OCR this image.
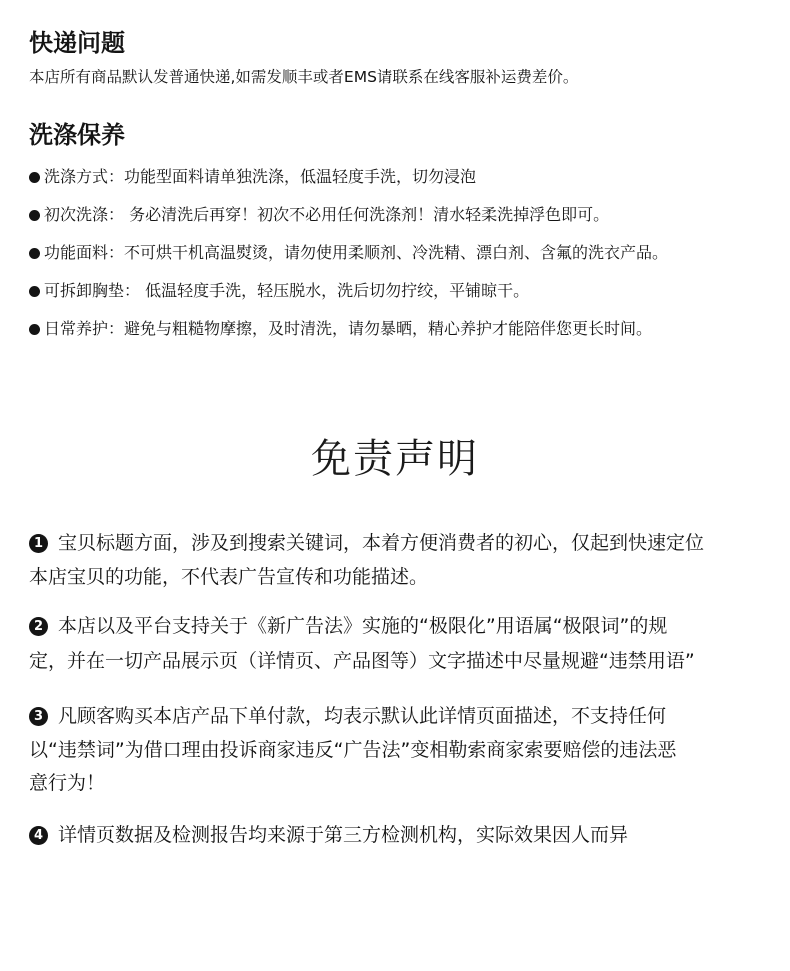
快递问题

本店所有商品默认发普通快递,如需发顺丰或者EMS请联系在线客服补运费差价。

洗涤保养
洗涤方式：功能型面料请单独洗涤，低温轻度手洗，切勿浸泡
初次洗涤： 务必清洗后再穿！初次不必用任何洗涤剂！清水轻柔洗掉浮色即可。
功能面料：不可烘干机高温熨烫，请勿使用柔顺剂、冷洗精、漂白剂、含氟的洗衣产品。
可拆卸胸垫： 低温轻度手洗，轻压脱水，洗后切勿拧绞，平铺晾干。
日常养护：避免与粗糙物摩擦，及时清洗，请勿暴晒，精心养护才能陪伴您更长时间。
免责声明
1 宝贝标题方面，涉及到搜索关键词，本着方便消费者的初心，仅起到快速定位
本店宝贝的功能，不代表广告宣传和功能描述。
2 本店以及平台支持关于《新广告法》实施的“极限化”用语属“极限词”的规
定，并在一切产品展示页（详情页、产品图等）文字描述中尽量规避“违禁用语”
3 凡顾客购买本店产品下单付款，均表示默认此详情页面描述，不支持任何
以“违禁词”为借口理由投诉商家违反“广告法”变相勒索商家索要赔偿的违法恶
意行为！
4 详情页数据及检测报告均来源于第三方检测机构，实际效果因人而异
